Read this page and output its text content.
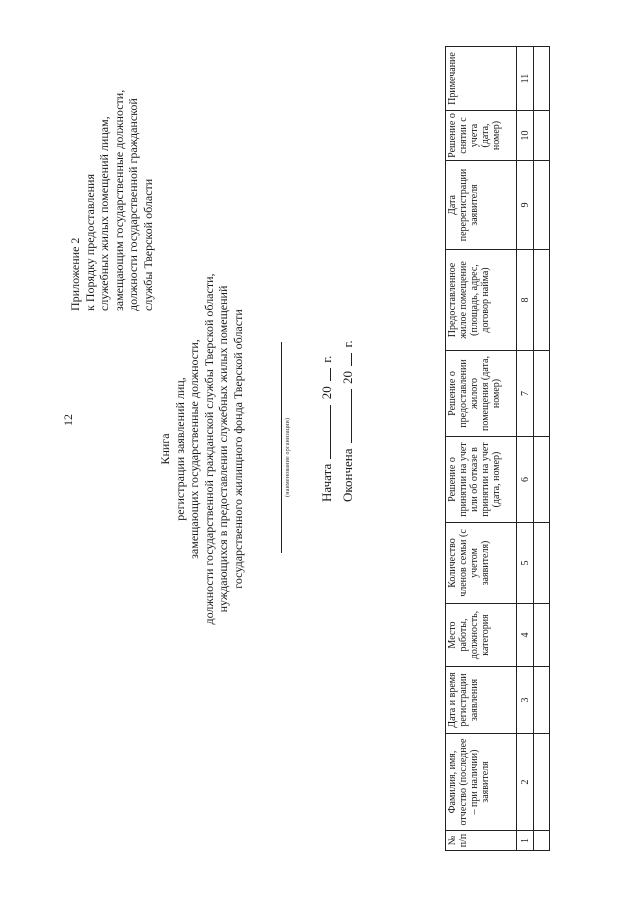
12
Приложение 2 к Порядку предоставления служебных жилых помещений лицам, замещающим государственные должности, должности государственной гражданской службы Тверской области
Книга регистрации заявлений лиц, замещающих государственные должности, должности государственной гражданской службы Тверской области, нуждающихся в предоставлении служебных жилых помещений государственного жилищного фонда Тверской области	(наименование организации) Начата  20  г.
Окончена  20  г.
№ п/п	Фамилия, имя, отчество (последнее – при наличии) заявителя	Дата и время регистрации заявления	Место работы, должность, категория	Количество членов семьи (с учетом заявителя)	Решение о принятии на учет или об отказе в принятии на учет (дата, номер)	Решение о предоставлении жилого помещения (дата, номер)	Предоставленное жилое помещение (площадь, адрес, договор найма)	Дата перерегистрации заявителя	Решение о снятии с учета (дата, номер)	Примечание
1	2	3	4	5	6	7	8	9	10	11
